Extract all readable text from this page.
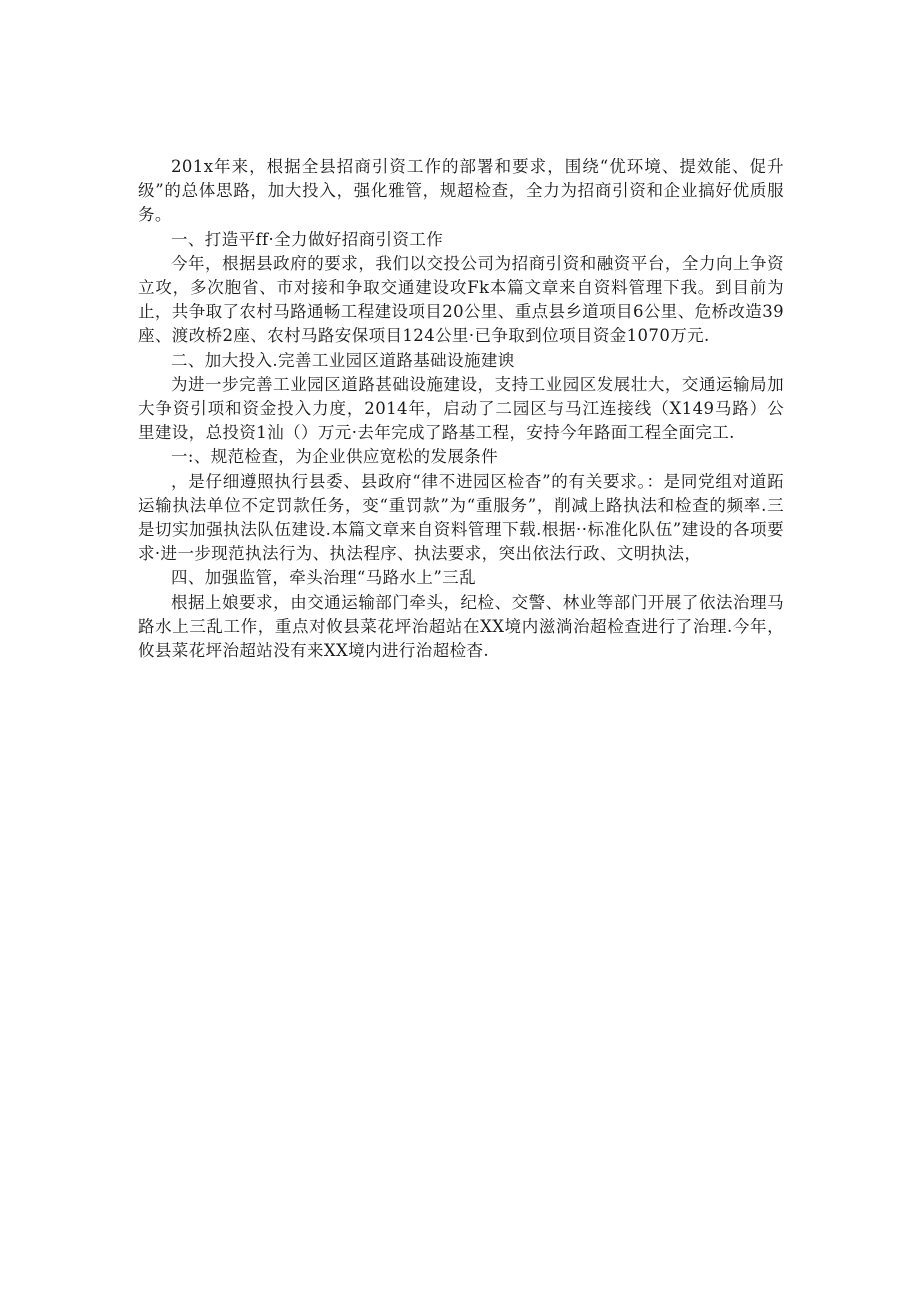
201x年来，根据全县招商引资工作的部署和要求，围绕“优环境、提效能、促升级”的总体思路，加大投入，强化雅管，规超检查，全力为招商引资和企业搞好优质服务。

一、打造平ff·全力做好招商引资工作

今年，根据县政府的要求，我们以交投公司为招商引资和融资平台，全力向上争资立攻，多次胞省、市对接和争取交通建设攻Fk本篇文章来自资料管理下我。到目前为止，共争取了农村马路通畅工程建设项目20公里、重点县乡道项目6公里、危桥改造39座、渡改桥2座、农村马路安保项目124公里·已争取到位项目资金1070万元.

二、加大投入.完善工业园区道路基础设施建谀

为进一步完善工业园区道路甚础设施建设，支持工业园区发展壮大，交通运输局加大争资引项和资金投入力度，2014年，启动了二园区与马江连接线（X149马路）公里建设，总投资1汕（）万元·去年完成了路基工程，安持今年路面工程全面完工.

一:、规范检查，为企业供应宽松的发展条件

，是仔细遵照执行县委、县政府“律不进园区检杳”的有关要求。：是同党组对道跖运输执法单位不定罚款任务，变“重罚款”为“重服务”，削减上路执法和检查的频率.三是切实加强执法队伍建设.本篇文章来自资料管理下载.根据··标准化队伍”建设的各项要求·进一步现范执法行为、执法程序、执法要求，突出依法行政、文明执法，

四、加强监管，牵头治理“马路水上”三乱

根据上娘要求，由交通运输部门牵头，纪检、交警、林业等部门开展了依法治理马路水上三乱工作，重点对攸县菜花坪治超站在XX境内滋淌治超检查进行了治理.今年，攸县菜花坪治超站没有来XX境内进行治超检杳.
